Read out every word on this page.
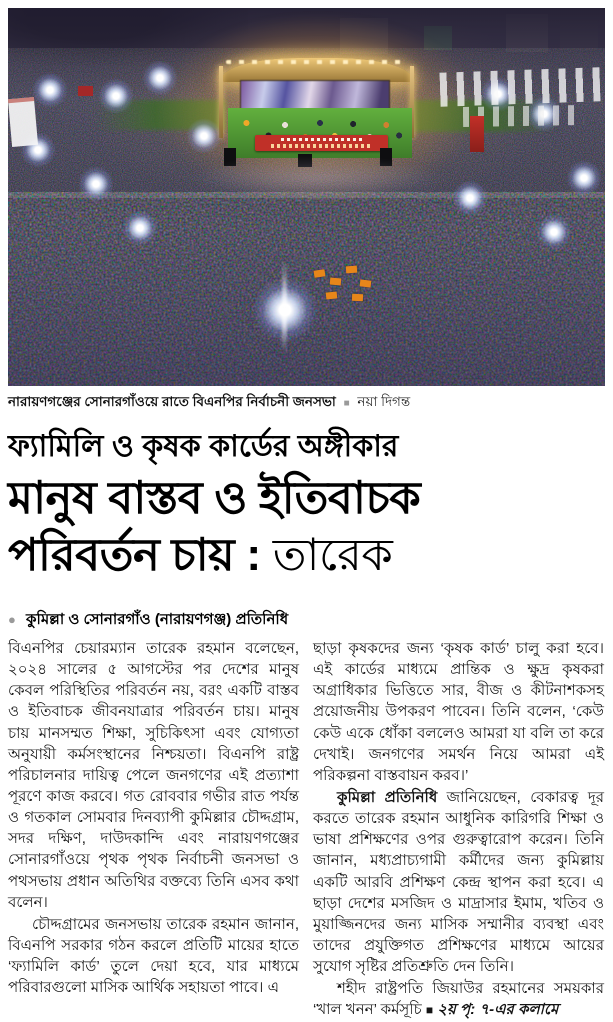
নারায়ণগঞ্জের সোনারগাঁওয়ে রাতে বিএনপির নির্বাচনী জনসভা ■ নয়া দিগন্ত
ফ্যামিলি ও কৃষক কার্ডের অঙ্গীকার
মানুষ বাস্তব ও ইতিবাচক
পরিবর্তন চায় : তারেক
● কুমিল্লা ও সোনারগাঁও (নারায়ণগঞ্জ) প্রতিনিধি

বিএনপির চেয়ারম্যান তারেক রহমান বলেছেন, ২০২৪ সালের ৫ আগস্টের পর দেশের মানুষ কেবল পরিস্থিতির পরিবর্তন নয়, বরং একটি বাস্তব ও ইতিবাচক জীবনযাত্রার পরিবর্তন চায়। মানুষ চায় মানসম্মত শিক্ষা, সুচিকিৎসা এবং যোগ্যতা অনুযায়ী কর্মসংস্থানের নিশ্চয়তা। বিএনপি রাষ্ট্র পরিচালনার দায়িত্ব পেলে জনগণের এই প্রত্যাশা পূরণে কাজ করবে। গত রোববার গভীর রাত পর্যন্ত ও গতকাল সোমবার দিনব্যাপী কুমিল্লার চৌদ্দগ্রাম, সদর দক্ষিণ, দাউদকান্দি এবং নারায়ণগঞ্জের সোনারগাঁওয়ে পৃথক পৃথক নির্বাচনী জনসভা ও পথসভায় প্রধান অতিথির বক্তব্যে তিনি এসব কথা বলেন।

চৌদ্দগ্রামের জনসভায় তারেক রহমান জানান, বিএনপি সরকার গঠন করলে প্রতিটি মায়ের হাতে ‘ফ্যামিলি কার্ড’ তুলে দেয়া হবে, যার মাধ্যমে পরিবারগুলো মাসিক আর্থিক সহায়তা পাবে। এ

ছাড়া কৃষকদের জন্য ‘কৃষক কার্ড’ চালু করা হবে। এই কার্ডের মাধ্যমে প্রান্তিক ও ক্ষুদ্র কৃষকরা অগ্রাধিকার ভিত্তিতে সার, বীজ ও কীটনাশকসহ প্রয়োজনীয় উপকরণ পাবেন। তিনি বলেন, ‘কেউ কেউ একে ধোঁকা বললেও আমরা যা বলি তা করে দেখাই। জনগণের সমর্থন নিয়ে আমরা এই পরিকল্পনা বাস্তবায়ন করব।’

কুমিল্লা প্রতিনিধি জানিয়েছেন, বেকারত্ব দূর করতে তারেক রহমান আধুনিক কারিগরি শিক্ষা ও ভাষা প্রশিক্ষণের ওপর গুরুত্বারোপ করেন। তিনি জানান, মধ্যপ্রাচ্যগামী কর্মীদের জন্য কুমিল্লায় একটি আরবি প্রশিক্ষণ কেন্দ্র স্থাপন করা হবে। এ ছাড়া দেশের মসজিদ ও মাদ্রাসার ইমাম, খতিব ও মুয়াজ্জিনদের জন্য মাসিক সম্মানীর ব্যবস্থা এবং তাদের প্রযুক্তিগত প্রশিক্ষণের মাধ্যমে আয়ের সুযোগ সৃষ্টির প্রতিশ্রুতি দেন তিনি।

শহীদ রাষ্ট্রপতি জিয়াউর রহমানের সময়কার ‘খাল খনন’ কর্মসূচি ■ ২য় পৃ: ৭-এর কলামে
